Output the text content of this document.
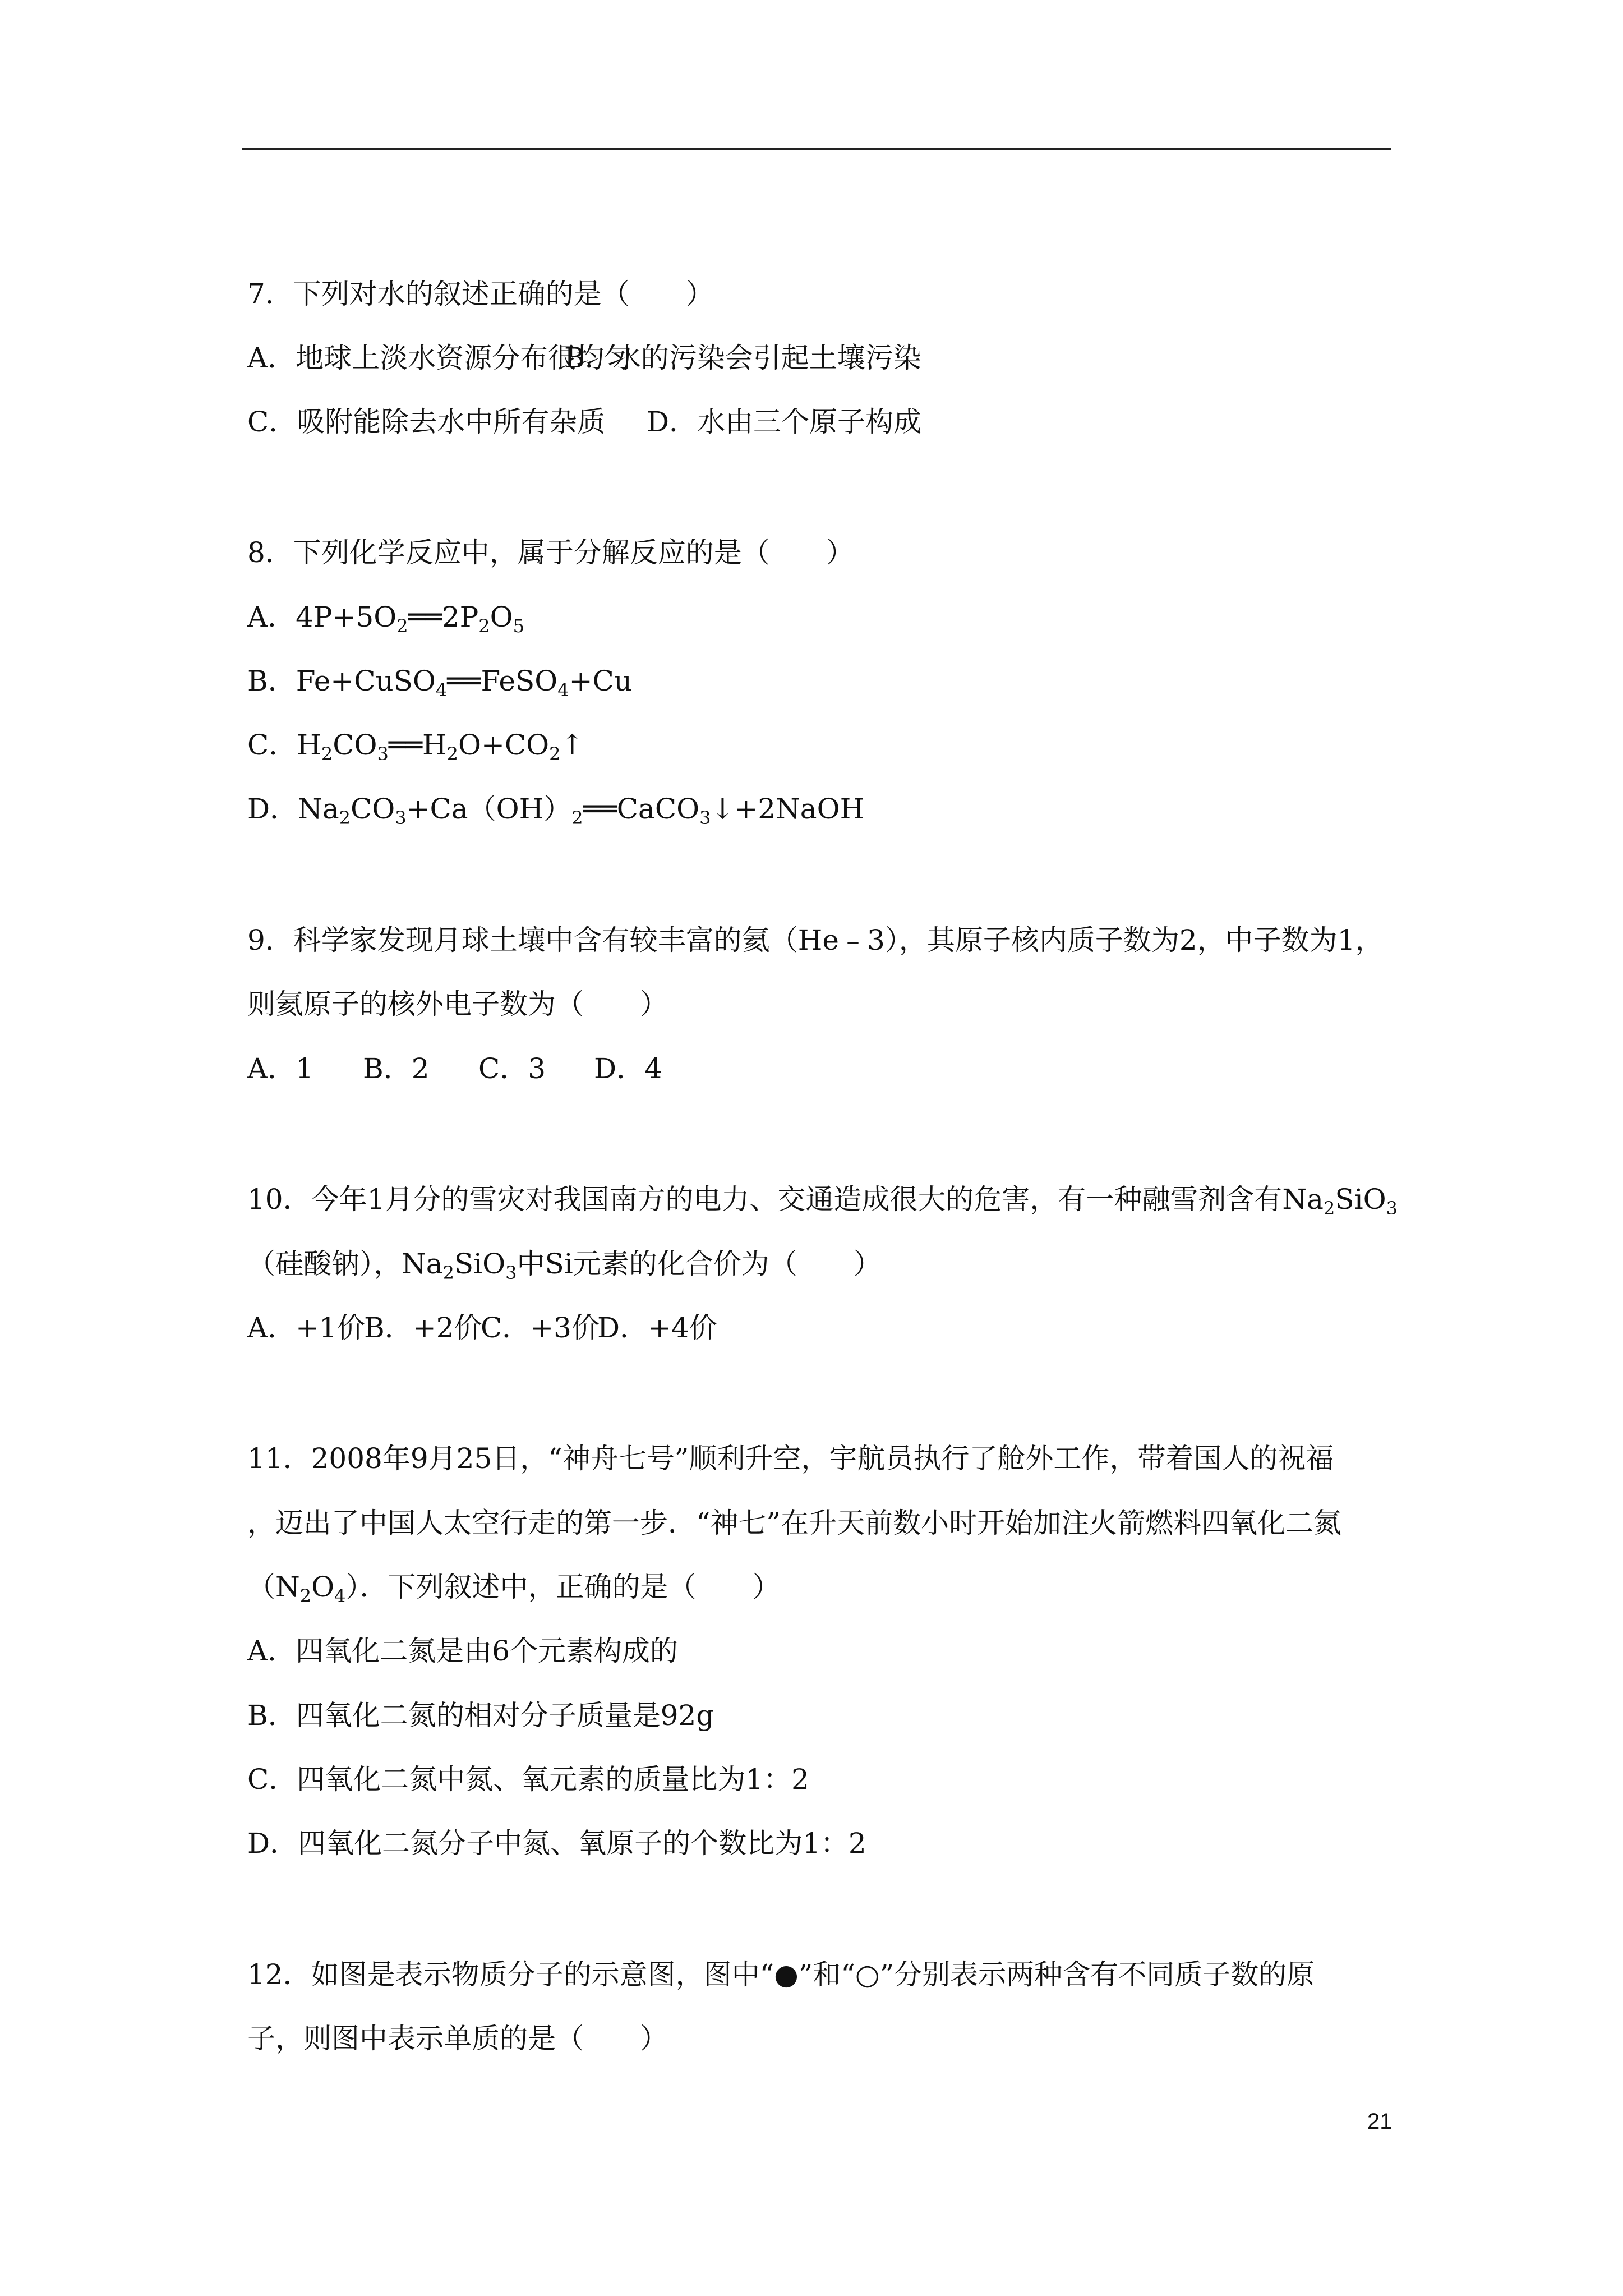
7．下列对水的叙述正确的是（　　）
A．地球上淡水资源分布很均匀B．水的污染会引起土壤污染
C．吸附能除去水中所有杂质 D．水由三个原子构成
8．下列化学反应中，属于分解反应的是（　　）
A．$4P+5O_2══2P_2O_5$
B．Fe+CuSO$_4$══FeSO$_4$+Cu
C．$H_2CO_3══H_2O+CO_2↑$
D．$Na_2CO_3+Ca(OH)_2══CaCO_3↓+2NaOH$
9．科学家发现月球土壤中含有较丰富的氦（He﹣3），其原子核内质子数为2，中子数为1，
则氦原子的核外电子数为（　　）
A．1 B．2 C．3 D．4
10．今年1月分的雪灾对我国南方的电力、交通造成很大的危害，有一种融雪剂含有$Na_2SiO_3$
（硅酸钠），$Na_2SiO_3$中Si元素的化合价为（　　）
A．+1价B．+2价C．+3价D．+4价
11．2008年9月25日，“神舟七号”顺利升空，宇航员执行了舱外工作，带着国人的祝福
，迈出了中国人太空行走的第一步．“神七”在升天前数小时开始加注火箭燃料四氧化二氮
$(N_2O_4)$．下列叙述中，正确的是（　　）
A．四氧化二氮是由6个元素构成的
B．四氧化二氮的相对分子质量是92g
C．四氧化二氮中氮、氧元素的质量比为1：2
D．四氧化二氮分子中氮、氧原子的个数比为1：2
12．如图是表示物质分子的示意图，图中“●”和“○”分别表示两种含有不同质子数的原
子，则图中表示单质的是（　　）
21
